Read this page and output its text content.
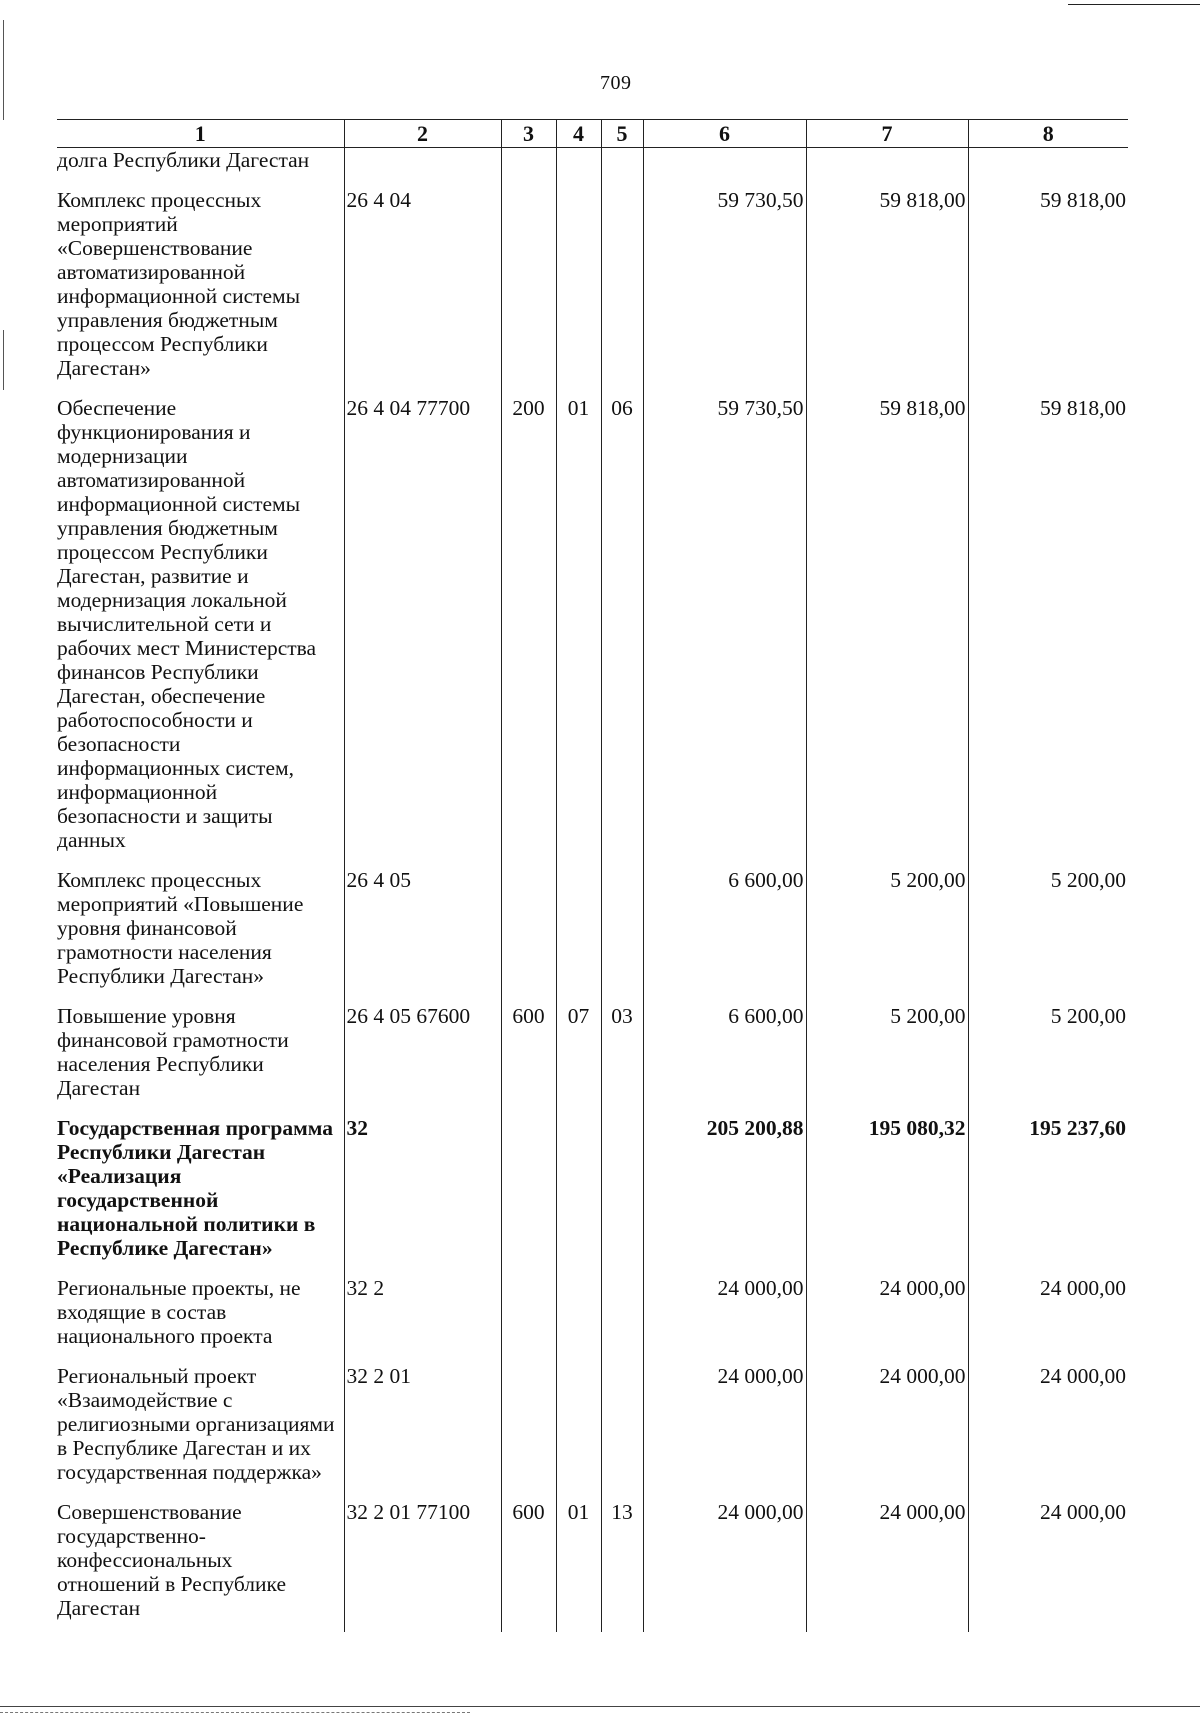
709
1	2	3	4	5	6	7	8
долга Республики Дагестан							
Комплекс процессных мероприятий «Совершенствование автоматизированной информационной системы управления бюджетным процессом Республики Дагестан»	26 4 04				59 730,50	59 818,00	59 818,00
Обеспечение функционирования и модернизации автоматизированной информационной системы управления бюджетным процессом Республики Дагестан, развитие и модернизация локальной вычислительной сети и рабочих мест Министерства финансов Республики Дагестан, обеспечение работоспособности и безопасности информационных систем, информационной безопасности и защиты данных	26 4 04 77700	200	01	06	59 730,50	59 818,00	59 818,00
Комплекс процессных мероприятий «Повышение уровня финансовой грамотности населения Республики Дагестан»	26 4 05				6 600,00	5 200,00	5 200,00
Повышение уровня финансовой грамотности населения Республики Дагестан	26 4 05 67600	600	07	03	6 600,00	5 200,00	5 200,00
Государственная программа Республики Дагестан «Реализация государственной национальной политики в Республике Дагестан»	32				205 200,88	195 080,32	195 237,60
Региональные проекты, не входящие в состав национального проекта	32 2				24 000,00	24 000,00	24 000,00
Региональный проект «Взаимодействие с религиозными организациями в Республике Дагестан и их государственная поддержка»	32 2 01				24 000,00	24 000,00	24 000,00
Совершенствование государственно-конфессиональных отношений в Республике Дагестан	32 2 01 77100	600	01	13	24 000,00	24 000,00	24 000,00
